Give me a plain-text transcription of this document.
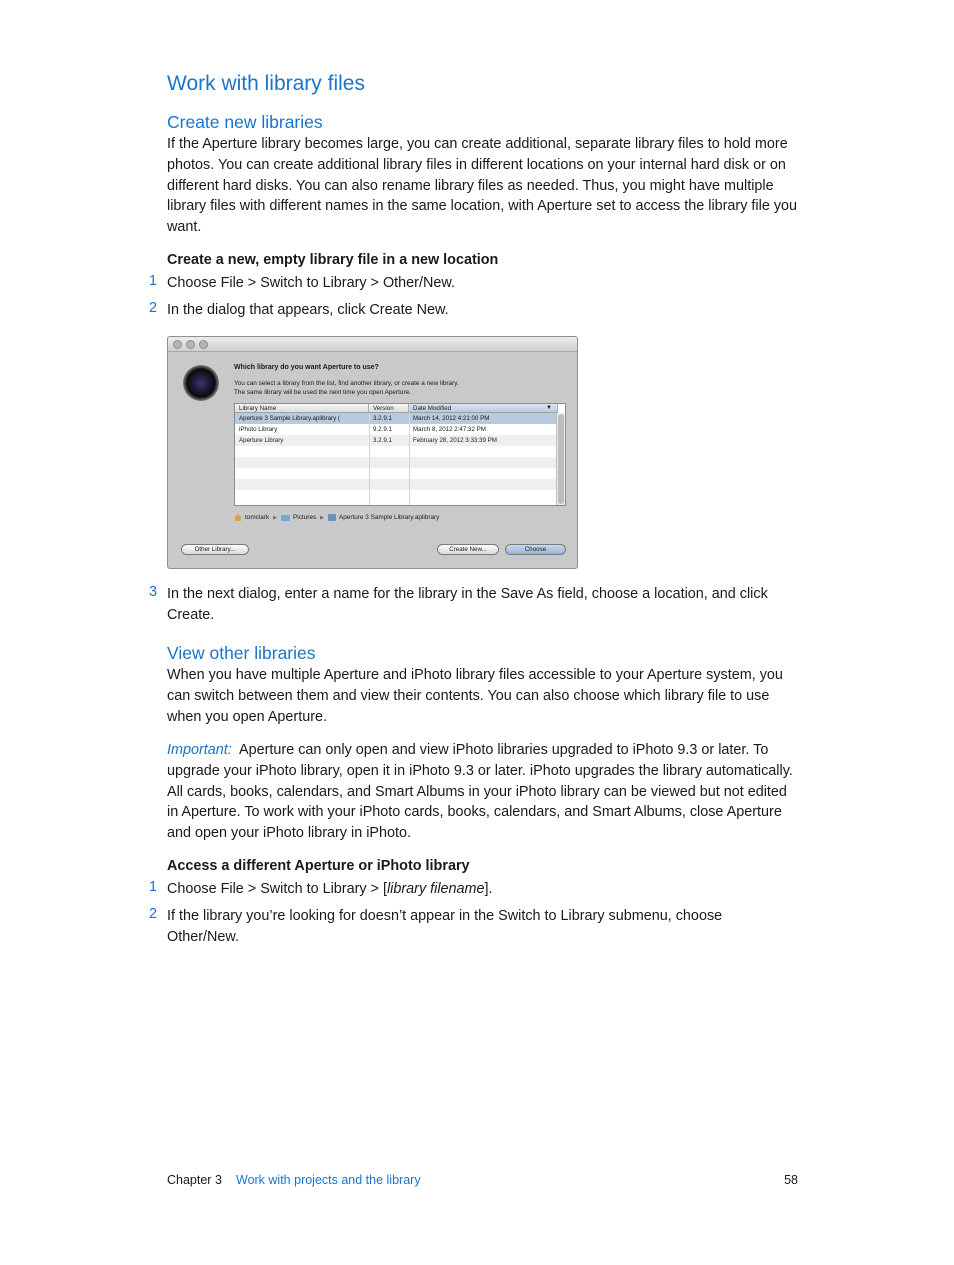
Work with library files
Create new libraries
If the Aperture library becomes large, you can create additional, separate library files to hold more photos. You can create additional library files in different locations on your internal hard disk or on different hard disks. You can also rename library files as needed. Thus, you might have multiple library files with different names in the same location, with Aperture set to access the library file you want.
Create a new, empty library file in a new location
1 Choose File > Switch to Library > Other/New.
2 In the dialog that appears, click Create New.
Which library do you want Aperture to use?
You can select a library from the list, find another library, or create a new library.
The same library will be used the next time you open Aperture.
Library Name	Version	Date Modified	▼
Aperture 3 Sample Library.aplibrary (	3.2.9.1	March 14, 2012 4:21:00 PM
iPhoto Library	9.2.9.1	March 8, 2012 2:47:32 PM
Aperture Library	3.2.9.1	February 28, 2012 3:33:39 PM
tomclark ▶	Pictures ▶ Aperture 3 Sample Library.aplibrary
Other Library...	Create New...	Choose
3 In the next dialog, enter a name for the library in the Save As field, choose a location, and click Create.
View other libraries
When you have multiple Aperture and iPhoto library files accessible to your Aperture system, you can switch between them and view their contents. You can also choose which library file to use when you open Aperture.
Important: Aperture can only open and view iPhoto libraries upgraded to iPhoto 9.3 or later. To upgrade your iPhoto library, open it in iPhoto 9.3 or later. iPhoto upgrades the library automatically. All cards, books, calendars, and Smart Albums in your iPhoto library can be viewed but not edited in Aperture. To work with your iPhoto cards, books, calendars, and Smart Albums, close Aperture and open your iPhoto library in iPhoto.
Access a different Aperture or iPhoto library
1 Choose File > Switch to Library > [library filename].
2 If the library you’re looking for doesn’t appear in the Switch to Library submenu, choose Other/New.
Chapter 3 Work with projects and the library	58
